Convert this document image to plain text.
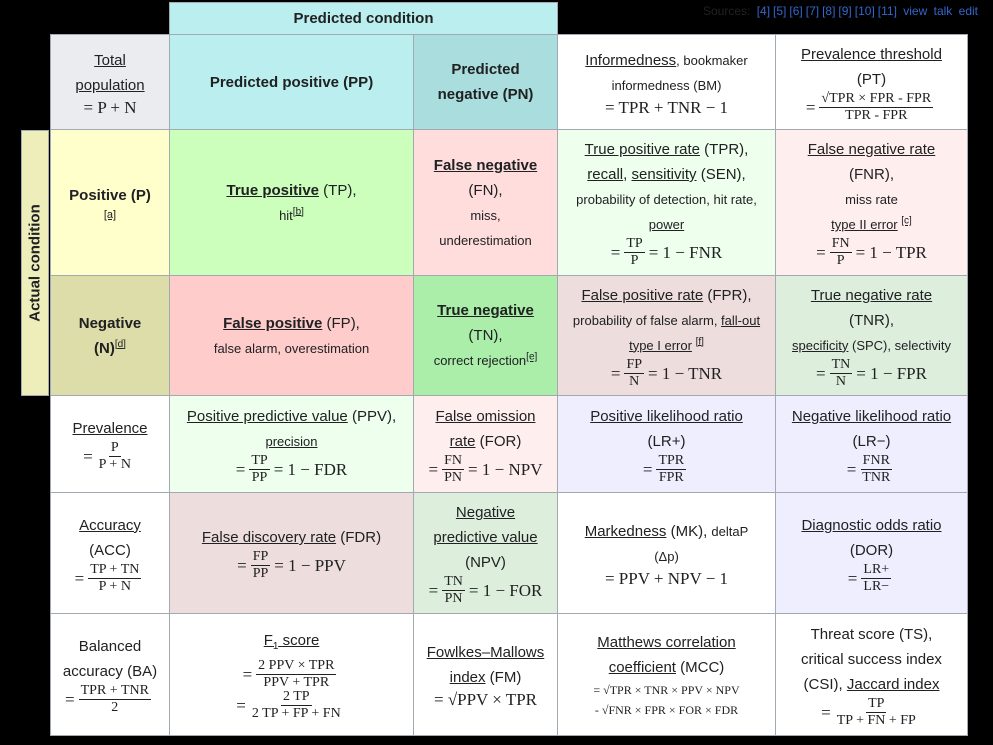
Sources: [4] [5] [6] [7] [8] [9] [10] [11] view talk edit
Predicted condition
Actual condition
Total population
= P + N
Predicted positive (PP)
Predicted negative (PN)
Informedness, bookmaker
informedness (BM)
= TPR + TNR − 1
Prevalence threshold
(PT)
= √TPR × FPR - FPR
TPR - FPR
Positive (P)
[a]
True positive (TP),
hit[b]
False negative
(FN),
miss,
underestimation
True positive rate (TPR),
recall, sensitivity (SEN),
probability of detection, hit rate,
power
= $\frac{TP}{P} = 1$ − FNR
False negative rate
(FNR),
miss rate
type II error [c]
= $\frac{FN}{P} = 1$ − TPR
Negative
(N)[d]
False positive (FP),
false alarm, overestimation
True negative
(TN),
correct rejection[e]
False positive rate (FPR),
probability of false alarm, fall-out
type I error [f]
= $\frac{FP}{N} = 1$ − TNR
True negative rate
(TNR),
specificity (SPC), selectivity
= $\frac{TN}{N} = 1$ − FPR
Prevalence
= $\frac{P}{P + N}$
Positive predictive value (PPV),
precision
= $\frac{TP}{PP} = 1$ − FDR
False omission
rate (FOR)
= $\frac{FN}{PN} = 1$ − NPV
Positive likelihood ratio
(LR+)
= TPR
FPR
Negative likelihood ratio
(LR−)
= FNR
TNR
Accuracy
(ACC)
= $\frac{TP + TN}{P + N}$
False discovery rate (FDR)
= $\frac{FP}{PP} = 1$ − PPV
Negative
predictive value
(NPV)
= $\frac{TN}{PN} = 1$ − FOR
Markedness (MK), deltaP
(Δp)
= PPV + NPV − 1
Diagnostic odds ratio
(DOR)
= $\frac{LR+}{LR-}$
Balanced
accuracy (BA)
= TPR + TNR
2
$F_1$ score
= 2 PPV × TPR
PPV + TPR
=	2 TP
2 TP + FP + FN
Fowlkes–Mallows
index (FM)
= √PPV × TPR
Matthews correlation
coefficient (MCC)
= √TPR × TNR × PPV × NPV
- √FNR × FPR × FOR × FDR
Threat score (TS),
critical success index
(CSI), Jaccard index
= $\frac{TP}{TP + FN + FP}$
